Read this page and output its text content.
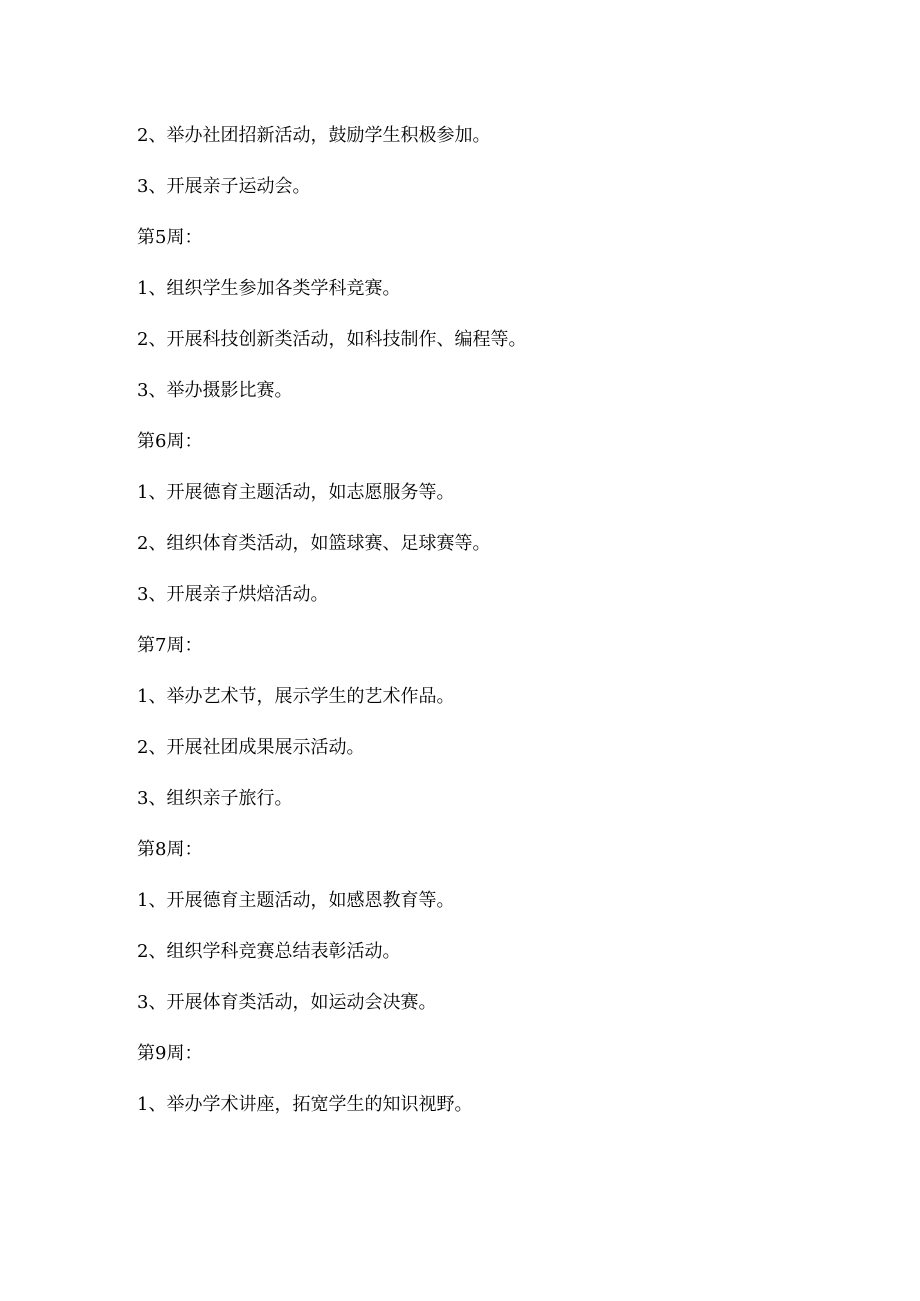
2、举办社团招新活动，鼓励学生积极参加。
3、开展亲子运动会。
第5周：
1、组织学生参加各类学科竞赛。
2、开展科技创新类活动，如科技制作、编程等。
3、举办摄影比赛。
第6周：
1、开展德育主题活动，如志愿服务等。
2、组织体育类活动，如篮球赛、足球赛等。
3、开展亲子烘焙活动。
第7周：
1、举办艺术节，展示学生的艺术作品。
2、开展社团成果展示活动。
3、组织亲子旅行。
第8周：
1、开展德育主题活动，如感恩教育等。
2、组织学科竞赛总结表彰活动。
3、开展体育类活动，如运动会决赛。
第9周：
1、举办学术讲座，拓宽学生的知识视野。
